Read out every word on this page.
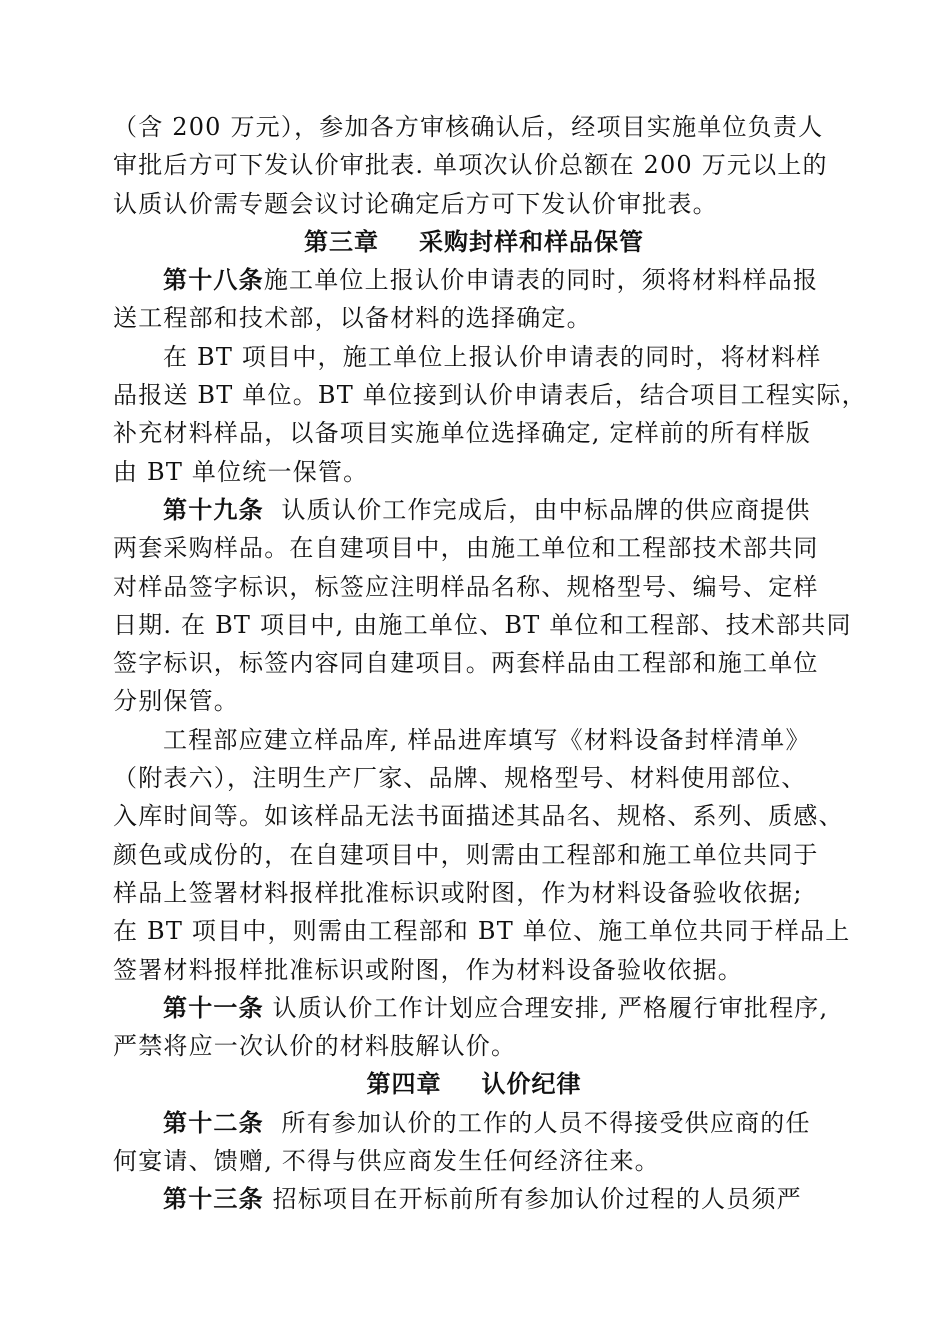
（含 200 万元），参加各方审核确认后，经项目实施单位负责人
审批后方可下发认价审批表. 单项次认价总额在 200 万元以上的
认质认价需专题会议讨论确定后方可下发认价审批表。
第三章 采购封样和样品保管
第十八条施工单位上报认价申请表的同时，须将材料样品报
送工程部和技术部，以备材料的选择确定。
在 BT 项目中，施工单位上报认价申请表的同时，将材料样
品报送 BT 单位。BT 单位接到认价申请表后，结合项目工程实际，
补充材料样品，以备项目实施单位选择确定, 定样前的所有样版
由 BT 单位统一保管。
第十九条  认质认价工作完成后，由中标品牌的供应商提供
两套采购样品。在自建项目中，由施工单位和工程部技术部共同
对样品签字标识，标签应注明样品名称、规格型号、编号、定样
日期. 在 BT 项目中, 由施工单位、BT 单位和工程部、技术部共同
签字标识，标签内容同自建项目。两套样品由工程部和施工单位
分别保管。
工程部应建立样品库, 样品进库填写《材料设备封样清单》
（附表六），注明生产厂家、品牌、规格型号、材料使用部位、
入库时间等。如该样品无法书面描述其品名、规格、系列、质感、
颜色或成份的，在自建项目中，则需由工程部和施工单位共同于
样品上签署材料报样批准标识或附图，作为材料设备验收依据;
在 BT 项目中，则需由工程部和 BT 单位、施工单位共同于样品上
签署材料报样批准标识或附图，作为材料设备验收依据。
第十一条 认质认价工作计划应合理安排, 严格履行审批程序,
严禁将应一次认价的材料肢解认价。
第四章 认价纪律
第十二条  所有参加认价的工作的人员不得接受供应商的任
何宴请、馈赠, 不得与供应商发生任何经济往来。
第十三条 招标项目在开标前所有参加认价过程的人员须严
